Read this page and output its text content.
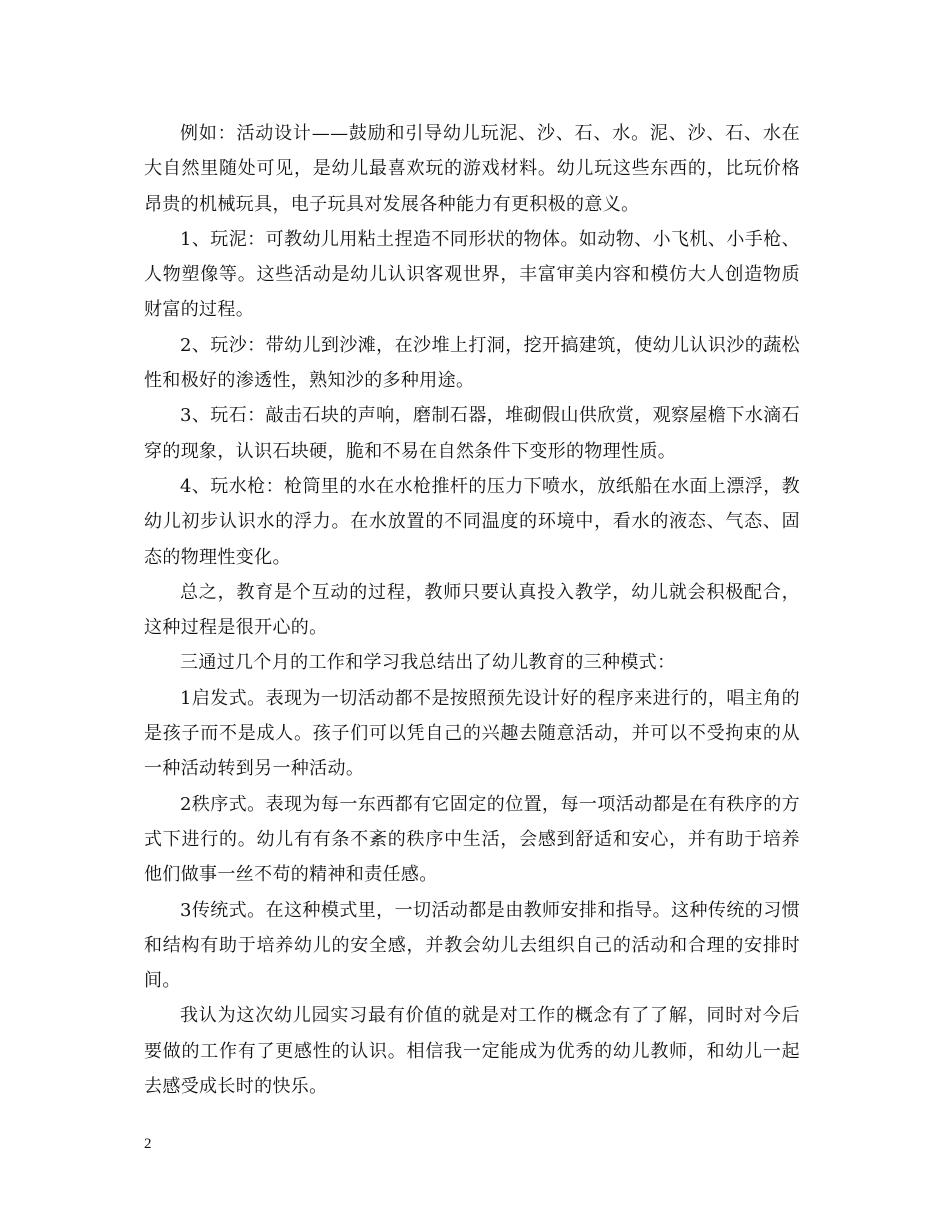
例如：活动设计——鼓励和引导幼儿玩泥、沙、石、水。泥、沙、石、水在大自然里随处可见，是幼儿最喜欢玩的游戏材料。幼儿玩这些东西的，比玩价格昂贵的机械玩具，电子玩具对发展各种能力有更积极的意义。

1、玩泥：可教幼儿用粘土捏造不同形状的物体。如动物、小飞机、小手枪、人物塑像等。这些活动是幼儿认识客观世界，丰富审美内容和模仿大人创造物质财富的过程。

2、玩沙：带幼儿到沙滩，在沙堆上打洞，挖开搞建筑，使幼儿认识沙的蔬松性和极好的渗透性，熟知沙的多种用途。

3、玩石：敲击石块的声响，磨制石器，堆砌假山供欣赏，观察屋檐下水滴石穿的现象，认识石块硬，脆和不易在自然条件下变形的物理性质。

4、玩水枪：枪筒里的水在水枪推杆的压力下喷水，放纸船在水面上漂浮，教幼儿初步认识水的浮力。在水放置的不同温度的环境中，看水的液态、气态、固态的物理性变化。

总之，教育是个互动的过程，教师只要认真投入教学，幼儿就会积极配合，这种过程是很开心的。

三通过几个月的工作和学习我总结出了幼儿教育的三种模式：

1启发式。表现为一切活动都不是按照预先设计好的程序来进行的，唱主角的是孩子而不是成人。孩子们可以凭自己的兴趣去随意活动，并可以不受拘束的从一种活动转到另一种活动。

2秩序式。表现为每一东西都有它固定的位置，每一项活动都是在有秩序的方式下进行的。幼儿有有条不紊的秩序中生活，会感到舒适和安心，并有助于培养他们做事一丝不苟的精神和责任感。

3传统式。在这种模式里，一切活动都是由教师安排和指导。这种传统的习惯和结构有助于培养幼儿的安全感，并教会幼儿去组织自己的活动和合理的安排时间。

我认为这次幼儿园实习最有价值的就是对工作的概念有了了解，同时对今后要做的工作有了更感性的认识。相信我一定能成为优秀的幼儿教师，和幼儿一起去感受成长时的快乐。

2
